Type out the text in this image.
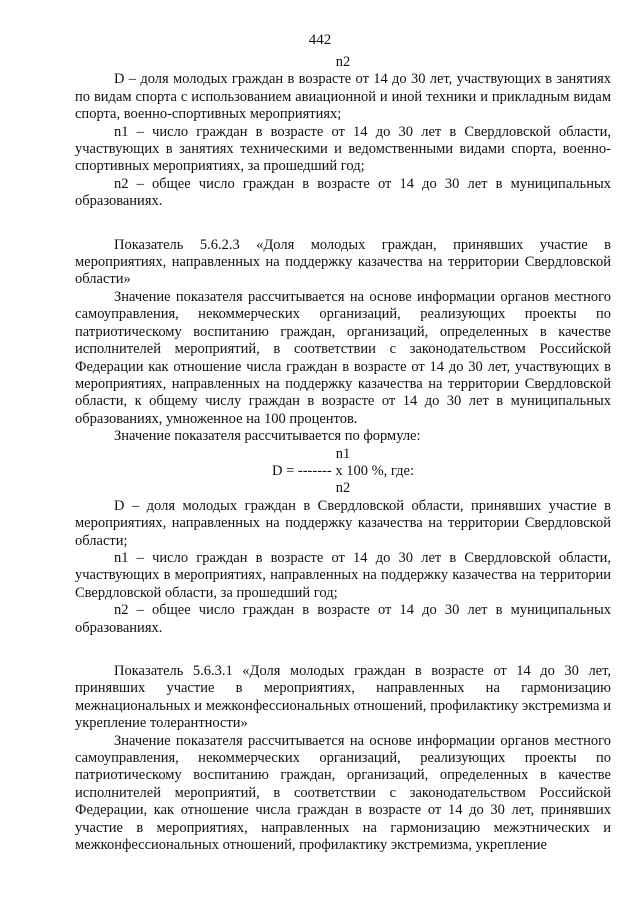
442
n2

D – доля молодых граждан в возрасте от 14 до 30 лет, участвующих в занятиях по видам спорта с использованием авиационной и иной техники и прикладным видам спорта, военно-спортивных мероприятиях;

n1 – число граждан в возрасте от 14 до 30 лет в Свердловской области, участвующих в занятиях техническими и ведомственными видами спорта, военно-спортивных мероприятиях, за прошедший год;

n2 – общее число граждан в возрасте от 14 до 30 лет в муниципальных образованиях.

Показатель 5.6.2.3 «Доля молодых граждан, принявших участие в мероприятиях, направленных на поддержку казачества на территории Свердловской области»

Значение показателя рассчитывается на основе информации органов местного самоуправления, некоммерческих организаций, реализующих проекты по патриотическому воспитанию граждан, организаций, определенных в качестве исполнителей мероприятий, в соответствии с законодательством Российской Федерации как отношение числа граждан в возрасте от 14 до 30 лет, участвующих в мероприятиях, направленных на поддержку казачества на территории Свердловской области, к общему числу граждан в возрасте от 14 до 30 лет в муниципальных образованиях, умноженное на 100 процентов.

Значение показателя рассчитывается по формуле:

n1
D = ------- x 100 %, где:
n2

D – доля молодых граждан в Свердловской области, принявших участие в мероприятиях, направленных на поддержку казачества на территории Свердловской области;

n1 – число граждан в возрасте от 14 до 30 лет в Свердловской области, участвующих в мероприятиях, направленных на поддержку казачества на территории Свердловской области, за прошедший год;

n2 – общее число граждан в возрасте от 14 до 30 лет в муниципальных образованиях.

Показатель 5.6.3.1 «Доля молодых граждан в возрасте от 14 до 30 лет, принявших участие в мероприятиях, направленных на гармонизацию межнациональных и межконфессиональных отношений, профилактику экстремизма и укрепление толерантности»

Значение показателя рассчитывается на основе информации органов местного самоуправления, некоммерческих организаций, реализующих проекты по патриотическому воспитанию граждан, организаций, определенных в качестве исполнителей мероприятий, в соответствии с законодательством Российской Федерации, как отношение числа граждан в возрасте от 14 до 30 лет, принявших участие в мероприятиях, направленных на гармонизацию межэтнических и межконфессиональных отношений, профилактику экстремизма, укрепление
